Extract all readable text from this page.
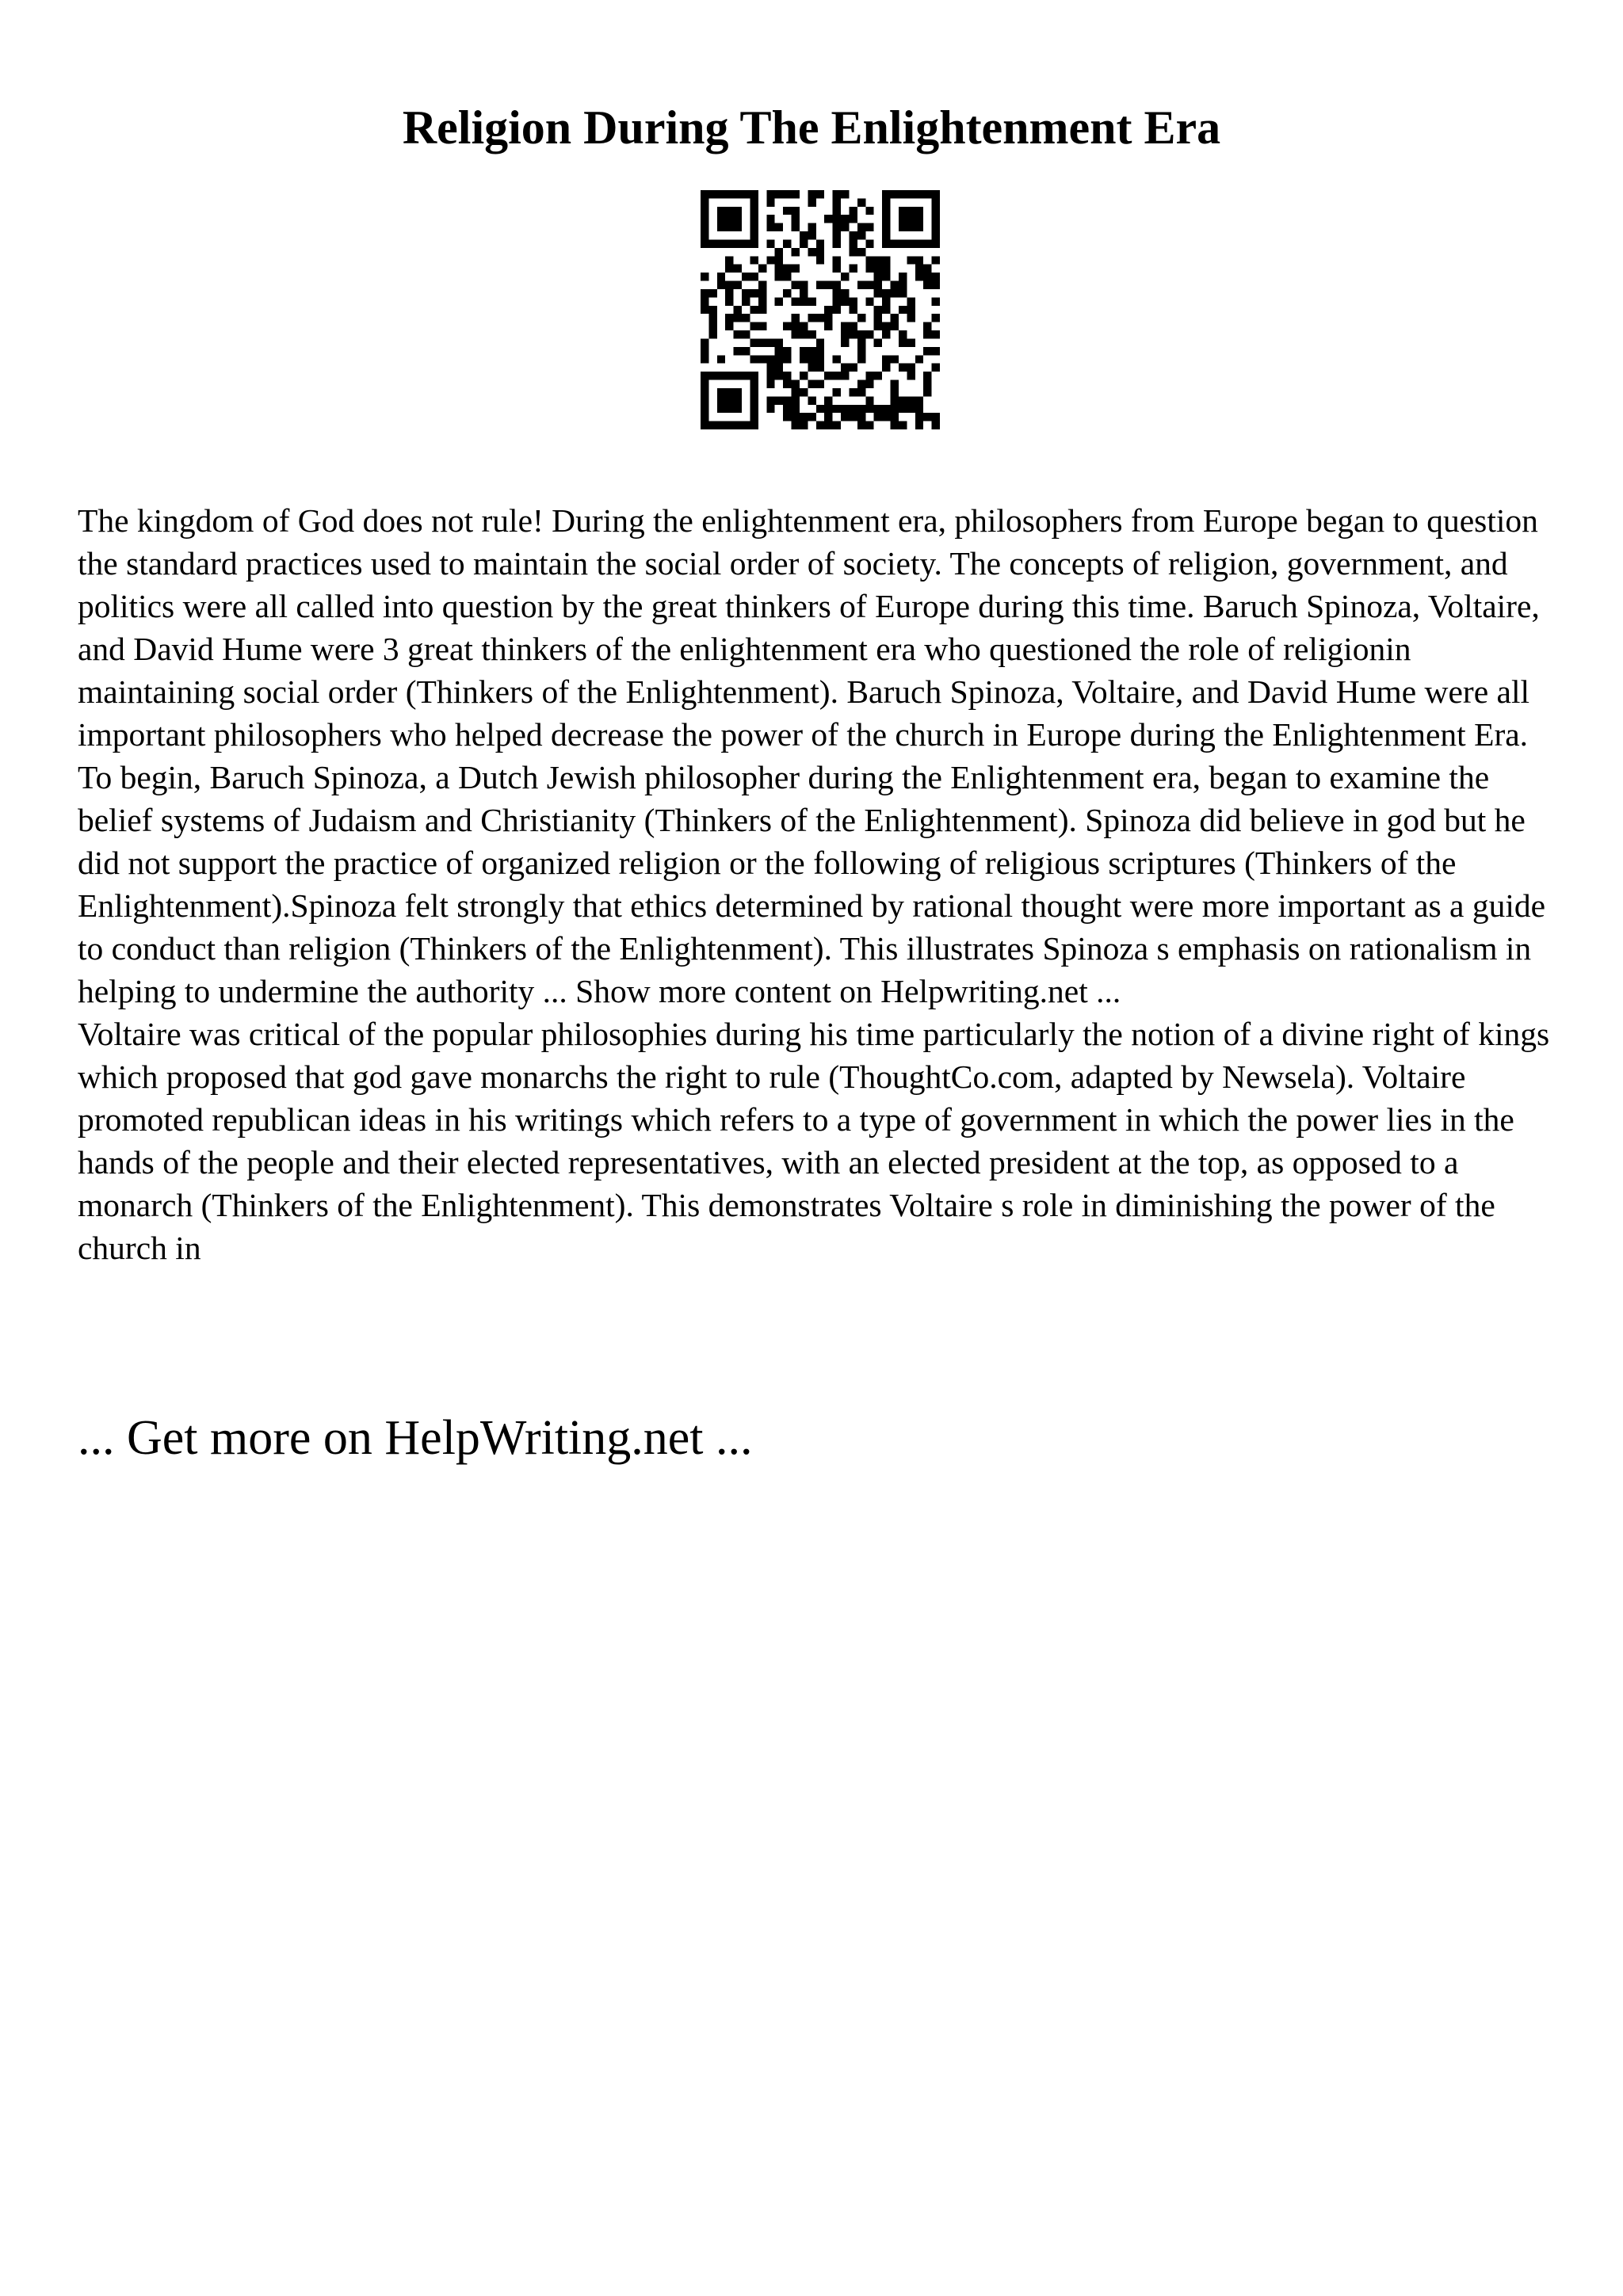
Religion During The Enlightenment Era

The kingdom of God does not rule! During the enlightenment era, philosophers from Europe began to question the standard practices used to maintain the social order of society. The concepts of religion, government, and politics were all called into question by the great thinkers of Europe during this time. Baruch Spinoza, Voltaire, and David Hume were 3 great thinkers of the enlightenment era who questioned the role of religionin maintaining social order (Thinkers of the Enlightenment). Baruch Spinoza, Voltaire, and David Hume were all important philosophers who helped decrease the power of the church in Europe during the Enlightenment Era.

To begin, Baruch Spinoza, a Dutch Jewish philosopher during the Enlightenment era, began to examine the belief systems of Judaism and Christianity (Thinkers of the Enlightenment). Spinoza did believe in god but he did not support the practice of organized religion or the following of religious scriptures (Thinkers of the Enlightenment).Spinoza felt strongly that ethics determined by rational thought were more important as a guide to conduct than religion (Thinkers of the Enlightenment). This illustrates Spinoza s emphasis on rationalism in helping to undermine the authority ... Show more content on Helpwriting.net ...

Voltaire was critical of the popular philosophies during his time particularly the notion of a divine right of kings which proposed that god gave monarchs the right to rule (ThoughtCo.com, adapted by Newsela). Voltaire promoted republican ideas in his writings which refers to a type of government in which the power lies in the hands of the people and their elected representatives, with an elected president at the top, as opposed to a monarch (Thinkers of the Enlightenment). This demonstrates Voltaire s role in diminishing the power of the church in

... Get more on HelpWriting.net ...
